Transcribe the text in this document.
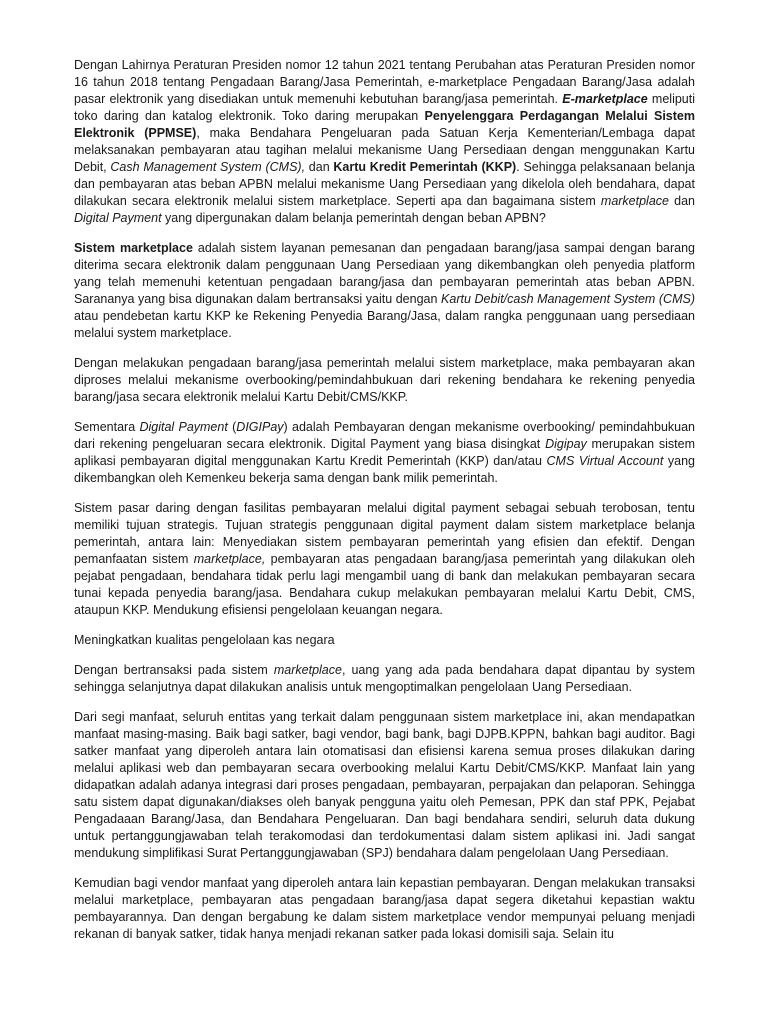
Dengan Lahirnya Peraturan Presiden nomor 12 tahun 2021 tentang Perubahan atas Peraturan Presiden nomor 16 tahun 2018 tentang Pengadaan Barang/Jasa Pemerintah, e-marketplace Pengadaan Barang/Jasa adalah pasar elektronik yang disediakan untuk memenuhi kebutuhan barang/jasa pemerintah. E-marketplace meliputi toko daring dan katalog elektronik. Toko daring merupakan Penyelenggara Perdagangan Melalui Sistem Elektronik (PPMSE), maka Bendahara Pengeluaran pada Satuan Kerja Kementerian/Lembaga dapat melaksanakan pembayaran atau tagihan melalui mekanisme Uang Persediaan dengan menggunakan Kartu Debit, Cash Management System (CMS), dan Kartu Kredit Pemerintah (KKP). Sehingga pelaksanaan belanja dan pembayaran atas beban APBN melalui mekanisme Uang Persediaan yang dikelola oleh bendahara, dapat dilakukan secara elektronik melalui sistem marketplace. Seperti apa dan bagaimana sistem marketplace dan Digital Payment yang dipergunakan dalam belanja pemerintah dengan beban APBN?

Sistem marketplace adalah sistem layanan pemesanan dan pengadaan barang/jasa sampai dengan barang diterima secara elektronik dalam penggunaan Uang Persediaan yang dikembangkan oleh penyedia platform yang telah memenuhi ketentuan pengadaan barang/jasa dan pembayaran pemerintah atas beban APBN. Sarananya yang bisa digunakan dalam bertransaksi yaitu dengan Kartu Debit/cash Management System (CMS) atau pendebetan kartu KKP ke Rekening Penyedia Barang/Jasa, dalam rangka penggunaan uang persediaan melalui system marketplace.

Dengan melakukan pengadaan barang/jasa pemerintah melalui sistem marketplace, maka pembayaran akan diproses melalui mekanisme overbooking/pemindahbukuan dari rekening bendahara ke rekening penyedia barang/jasa secara elektronik melalui Kartu Debit/CMS/KKP.

Sementara Digital Payment (DIGIPay) adalah Pembayaran dengan mekanisme overbooking/ pemindahbukuan dari rekening pengeluaran secara elektronik. Digital Payment yang biasa disingkat Digipay merupakan sistem aplikasi pembayaran digital menggunakan Kartu Kredit Pemerintah (KKP) dan/atau CMS Virtual Account yang dikembangkan oleh Kemenkeu bekerja sama dengan bank milik pemerintah.

Sistem pasar daring dengan fasilitas pembayaran melalui digital payment sebagai sebuah terobosan, tentu memiliki tujuan strategis. Tujuan strategis penggunaan digital payment dalam sistem marketplace belanja pemerintah, antara lain: Menyediakan sistem pembayaran pemerintah yang efisien dan efektif. Dengan pemanfaatan sistem marketplace, pembayaran atas pengadaan barang/jasa pemerintah yang dilakukan oleh pejabat pengadaan, bendahara tidak perlu lagi mengambil uang di bank dan melakukan pembayaran secara tunai kepada penyedia barang/jasa. Bendahara cukup melakukan pembayaran melalui Kartu Debit, CMS, ataupun KKP. Mendukung efisiensi pengelolaan keuangan negara.

Meningkatkan kualitas pengelolaan kas negara

Dengan bertransaksi pada sistem marketplace, uang yang ada pada bendahara dapat dipantau by system sehingga selanjutnya dapat dilakukan analisis untuk mengoptimalkan pengelolaan Uang Persediaan.

Dari segi manfaat, seluruh entitas yang terkait dalam penggunaan sistem marketplace ini, akan mendapatkan manfaat masing-masing. Baik bagi satker, bagi vendor, bagi bank, bagi DJPB.KPPN, bahkan bagi auditor. Bagi satker manfaat yang diperoleh antara lain otomatisasi dan efisiensi karena semua proses dilakukan daring melalui aplikasi web dan pembayaran secara overbooking melalui Kartu Debit/CMS/KKP. Manfaat lain yang didapatkan adalah adanya integrasi dari proses pengadaan, pembayaran, perpajakan dan pelaporan. Sehingga satu sistem dapat digunakan/diakses oleh banyak pengguna yaitu oleh Pemesan, PPK dan staf PPK, Pejabat Pengadaaan Barang/Jasa, dan Bendahara Pengeluaran. Dan bagi bendahara sendiri, seluruh data dukung untuk pertanggungjawaban telah terakomodasi dan terdokumentasi dalam sistem aplikasi ini. Jadi sangat mendukung simplifikasi Surat Pertanggungjawaban (SPJ) bendahara dalam pengelolaan Uang Persediaan.

Kemudian bagi vendor manfaat yang diperoleh antara lain kepastian pembayaran. Dengan melakukan transaksi melalui marketplace, pembayaran atas pengadaan barang/jasa dapat segera diketahui kepastian waktu pembayarannya. Dan dengan bergabung ke dalam sistem marketplace vendor mempunyai peluang menjadi rekanan di banyak satker, tidak hanya menjadi rekanan satker pada lokasi domisili saja. Selain itu
